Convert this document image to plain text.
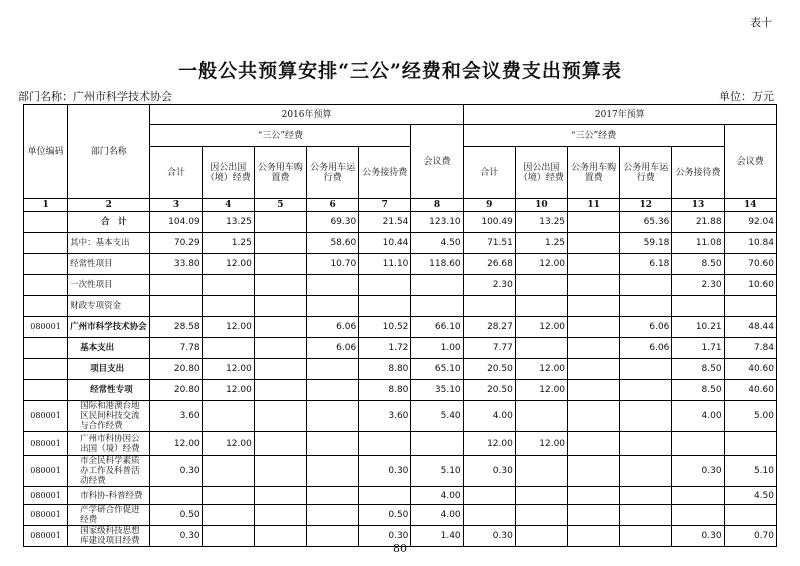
表十
一般公共预算安排“三公”经费和会议费支出预算表
部门名称：广州市科学技术协会	单位：万元
单位编码	部门名称	2016年预算						2017年预算					
		“三公”经费					会议费	“三公”经费					会议费
		合计	因公出国（境）经费	公务用车购置费	公务用车运行费	公务接待费		合计	因公出国（境）经费	公务用车购置费	公务用车运行费	公务接待费	
1	2	3	4	5	6	7	8	9	10	11	12	13	14
	合　计	104.09	13.25		69.30	21.54	123.10	100.49	13.25		65.36	21.88	92.04
	其中：基本支出	70.29	1.25		58.60	10.44	4.50	71.51	1.25		59.18	11.08	10.84
	经常性项目	33.80	12.00		10.70	11.10	118.60	26.68	12.00		6.18	8.50	70.60
	一次性项目							2.30				2.30	10.60
	财政专项资金												
080001	广州市科学技术协会	28.58	12.00		6.06	10.52	66.10	28.27	12.00		6.06	10.21	48.44
	基本支出	7.78			6.06	1.72	1.00	7.77			6.06	1.71	7.84
	项目支出	20.80	12.00			8.80	65.10	20.50	12.00			8.50	40.60
	经常性专项	20.80	12.00			8.80	35.10	20.50	12.00			8.50	40.60
080001	国际和港澳台地区民间科技交流与合作经费	3.60				3.60	5.40	4.00				4.00	5.00
080001	广州市科协因公出国（境）经费	12.00	12.00					12.00	12.00				
080001	市全民科学素质办工作及科普活动经费	0.30				0.30	5.10	0.30				0.30	5.10
080001	市科协-科普经费						4.00						4.50
080001	产学研合作促进经费	0.50				0.50	4.00						
080001	国家级科技思想库建设项目经费	0.30				0.30	1.40	0.30				0.30	0.70
80
